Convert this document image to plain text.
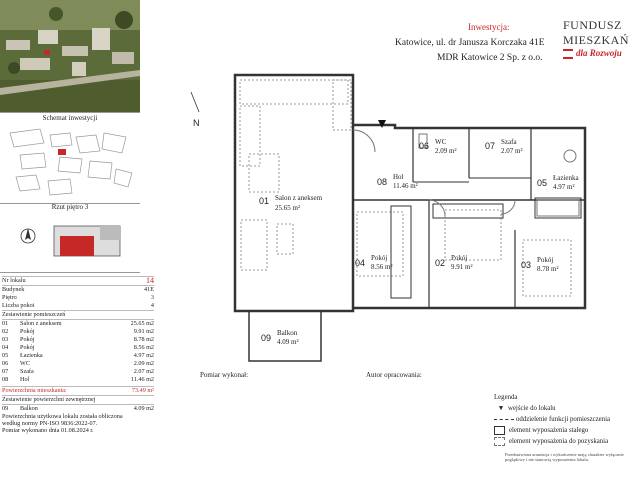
Schemat inwestycji
Rzut piętro 3
Nr lokalu	14
Budynek	41E
Piętro	3
Liczba pokoi	4
Zestawienie pomieszczeń
01 Salon z aneksem	25.65 m2
02 Pokój	9.91 m2
03 Pokój	8.78 m2
04 Pokój	8.56 m2
05 Łazienka	4.97 m2
06 WC	2.09 m2
07 Szafa	2.07 m2
08 Hol	11.46 m2
Powierzchnia mieszkania:	73.49 m²
Zestawienie powierzchni zewnętrznej
09 Balkon	4.09 m2
Powierzchnia użytkowa lokalu została obliczona
według normy PN-ISO 9836:2022-07.
Pomiar wykonano dnia 01.08.2024 r.
Inwestycja:
Katowice, ul. dr Janusza Korczaka 41E
MDR Katowice 2 Sp. z o.o.
FUNDUSZ
MIESZKAŃ
dla Rozwoju
N
01 Salon z aneksem
25.65 m²
02 Pokój
9.91 m²	03 Pokój
8.78 m²
04 Pokój
8.56 m²
05 Łazienka
4.97 m²
06 WC
2.09 m²	07 Szafa
2.07 m²
08 Hol
11.46 m²
09 Balkon
4.09 m²
Pomiar wykonał:	Autor opracowania:
Legenda
▼ wejście do lokalu
oddzielenie funkcji pomieszczenia
element wyposażenia stałego
element wyposażenia do pozyskania
Przedstawiona aranżacja i wykończenie mają charakter wyłącznie poglądowy i nie stanowią wyposażenia lokalu.
